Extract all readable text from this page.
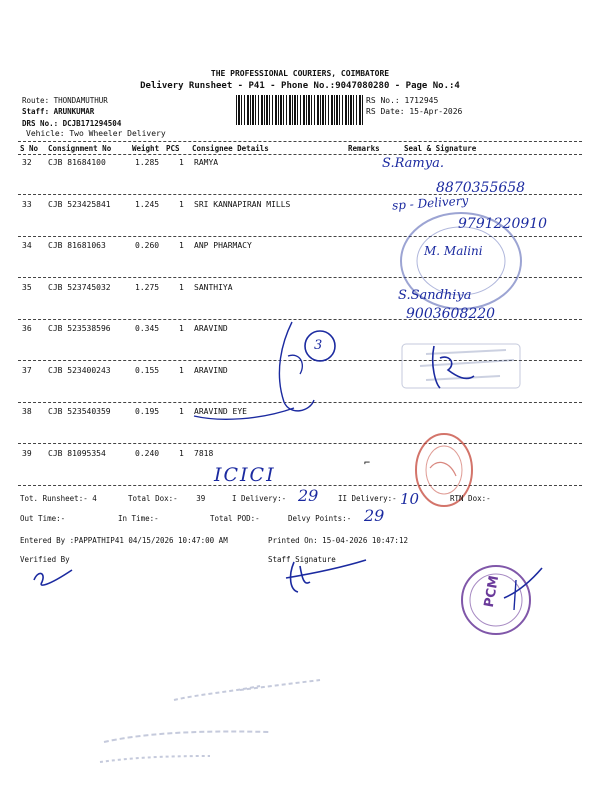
THE PROFESSIONAL COURIERS, COIMBATORE
Delivery Runsheet - P41 - Phone No.:9047080280 - Page No.:4
Route: THONDAMUTHUR
Staff: ARUNKUMAR
DRS No.: DCJB171294504
Vehicle: Two Wheeler Delivery
RS No.: 1712945
RS Date: 15-Apr-2026
S No Consignment No	Weight PCS Consignee Details	Remarks	Seal & Signature
32 CJB 81684100	1.285 1 RAMYA
33 CJB 523425841	1.245 1 SRI KANNAPIRAN MILLS
34 CJB 81681063	0.260 1 ANP PHARMACY
35 CJB 523745032	1.275 1 SANTHIYA
36 CJB 523538596	0.345 1 ARAVIND
37 CJB 523400243	0.155 1 ARAVIND
38 CJB 523540359	0.195 1 ARAVIND EYE
39 CJB 81095354	0.240 1 7818
S.Ramya.
8870355658
sp - Delivery
9791220910
M. Malini
S.Sandhiya
9003608220
3
ICICI
⌐
Tot. Runsheet:- 4	Total Dox:- 39	I Delivery:- 29	II Delivery:- 10	RTN Dox:-
Out Time:-	In Time:-	Total POD:-	Delvy Points:- 29
Entered By :PAPPATHIP41 04/15/2026 10:47:00 AM	Printed On: 15-04-2026 10:47:12
Verified By	Staff Signature
PCM
